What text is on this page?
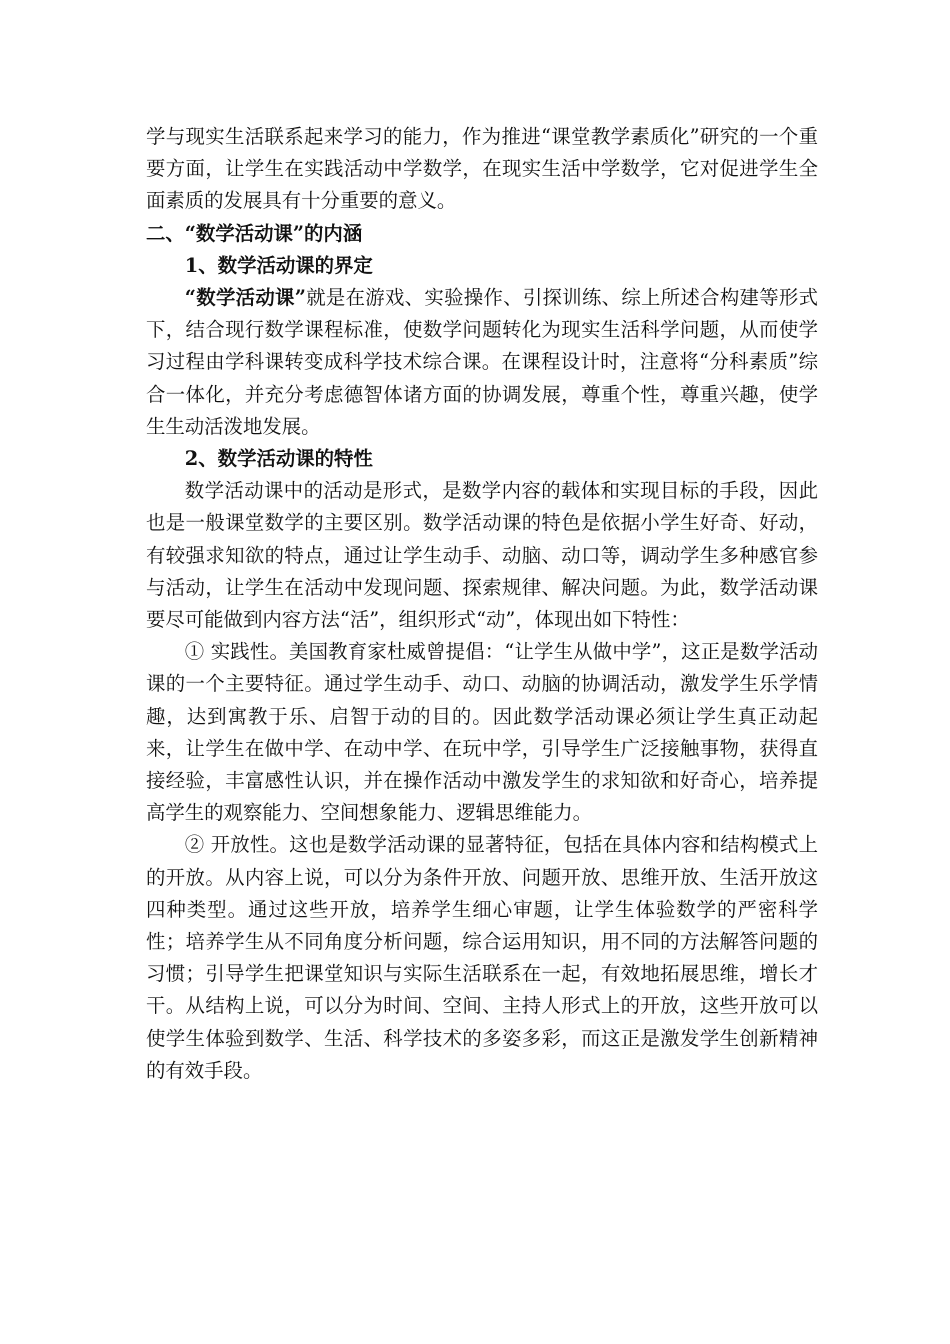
学与现实生活联系起来学习的能力，作为推进“课堂教学素质化”研究的一个重要方面，让学生在实践活动中学数学，在现实生活中学数学，它对促进学生全面素质的发展具有十分重要的意义。

二、“数学活动课”的内涵

1、数学活动课的界定

“数学活动课”就是在游戏、实验操作、引探训练、综上所述合构建等形式下，结合现行数学课程标准，使数学问题转化为现实生活科学问题，从而使学习过程由学科课转变成科学技术综合课。在课程设计时，注意将“分科素质”综合一体化，并充分考虑德智体诸方面的协调发展，尊重个性，尊重兴趣，使学生生动活泼地发展。

2、数学活动课的特性

数学活动课中的活动是形式，是数学内容的载体和实现目标的手段，因此也是一般课堂数学的主要区别。数学活动课的特色是依据小学生好奇、好动，有较强求知欲的特点，通过让学生动手、动脑、动口等，调动学生多种感官参与活动，让学生在活动中发现问题、探索规律、解决问题。为此，数学活动课要尽可能做到内容方法“活”，组织形式“动”，体现出如下特性：

① 实践性。美国教育家杜威曾提倡：“让学生从做中学”，这正是数学活动课的一个主要特征。通过学生动手、动口、动脑的协调活动，激发学生乐学情趣，达到寓教于乐、启智于动的目的。因此数学活动课必须让学生真正动起来，让学生在做中学、在动中学、在玩中学，引导学生广泛接触事物，获得直接经验，丰富感性认识，并在操作活动中激发学生的求知欲和好奇心，培养提高学生的观察能力、空间想象能力、逻辑思维能力。

② 开放性。这也是数学活动课的显著特征，包括在具体内容和结构模式上的开放。从内容上说，可以分为条件开放、问题开放、思维开放、生活开放这四种类型。通过这些开放，培养学生细心审题，让学生体验数学的严密科学性；培养学生从不同角度分析问题，综合运用知识，用不同的方法解答问题的习惯；引导学生把课堂知识与实际生活联系在一起，有效地拓展思维，增长才干。从结构上说，可以分为时间、空间、主持人形式上的开放，这些开放可以使学生体验到数学、生活、科学技术的多姿多彩，而这正是激发学生创新精神的有效手段。
